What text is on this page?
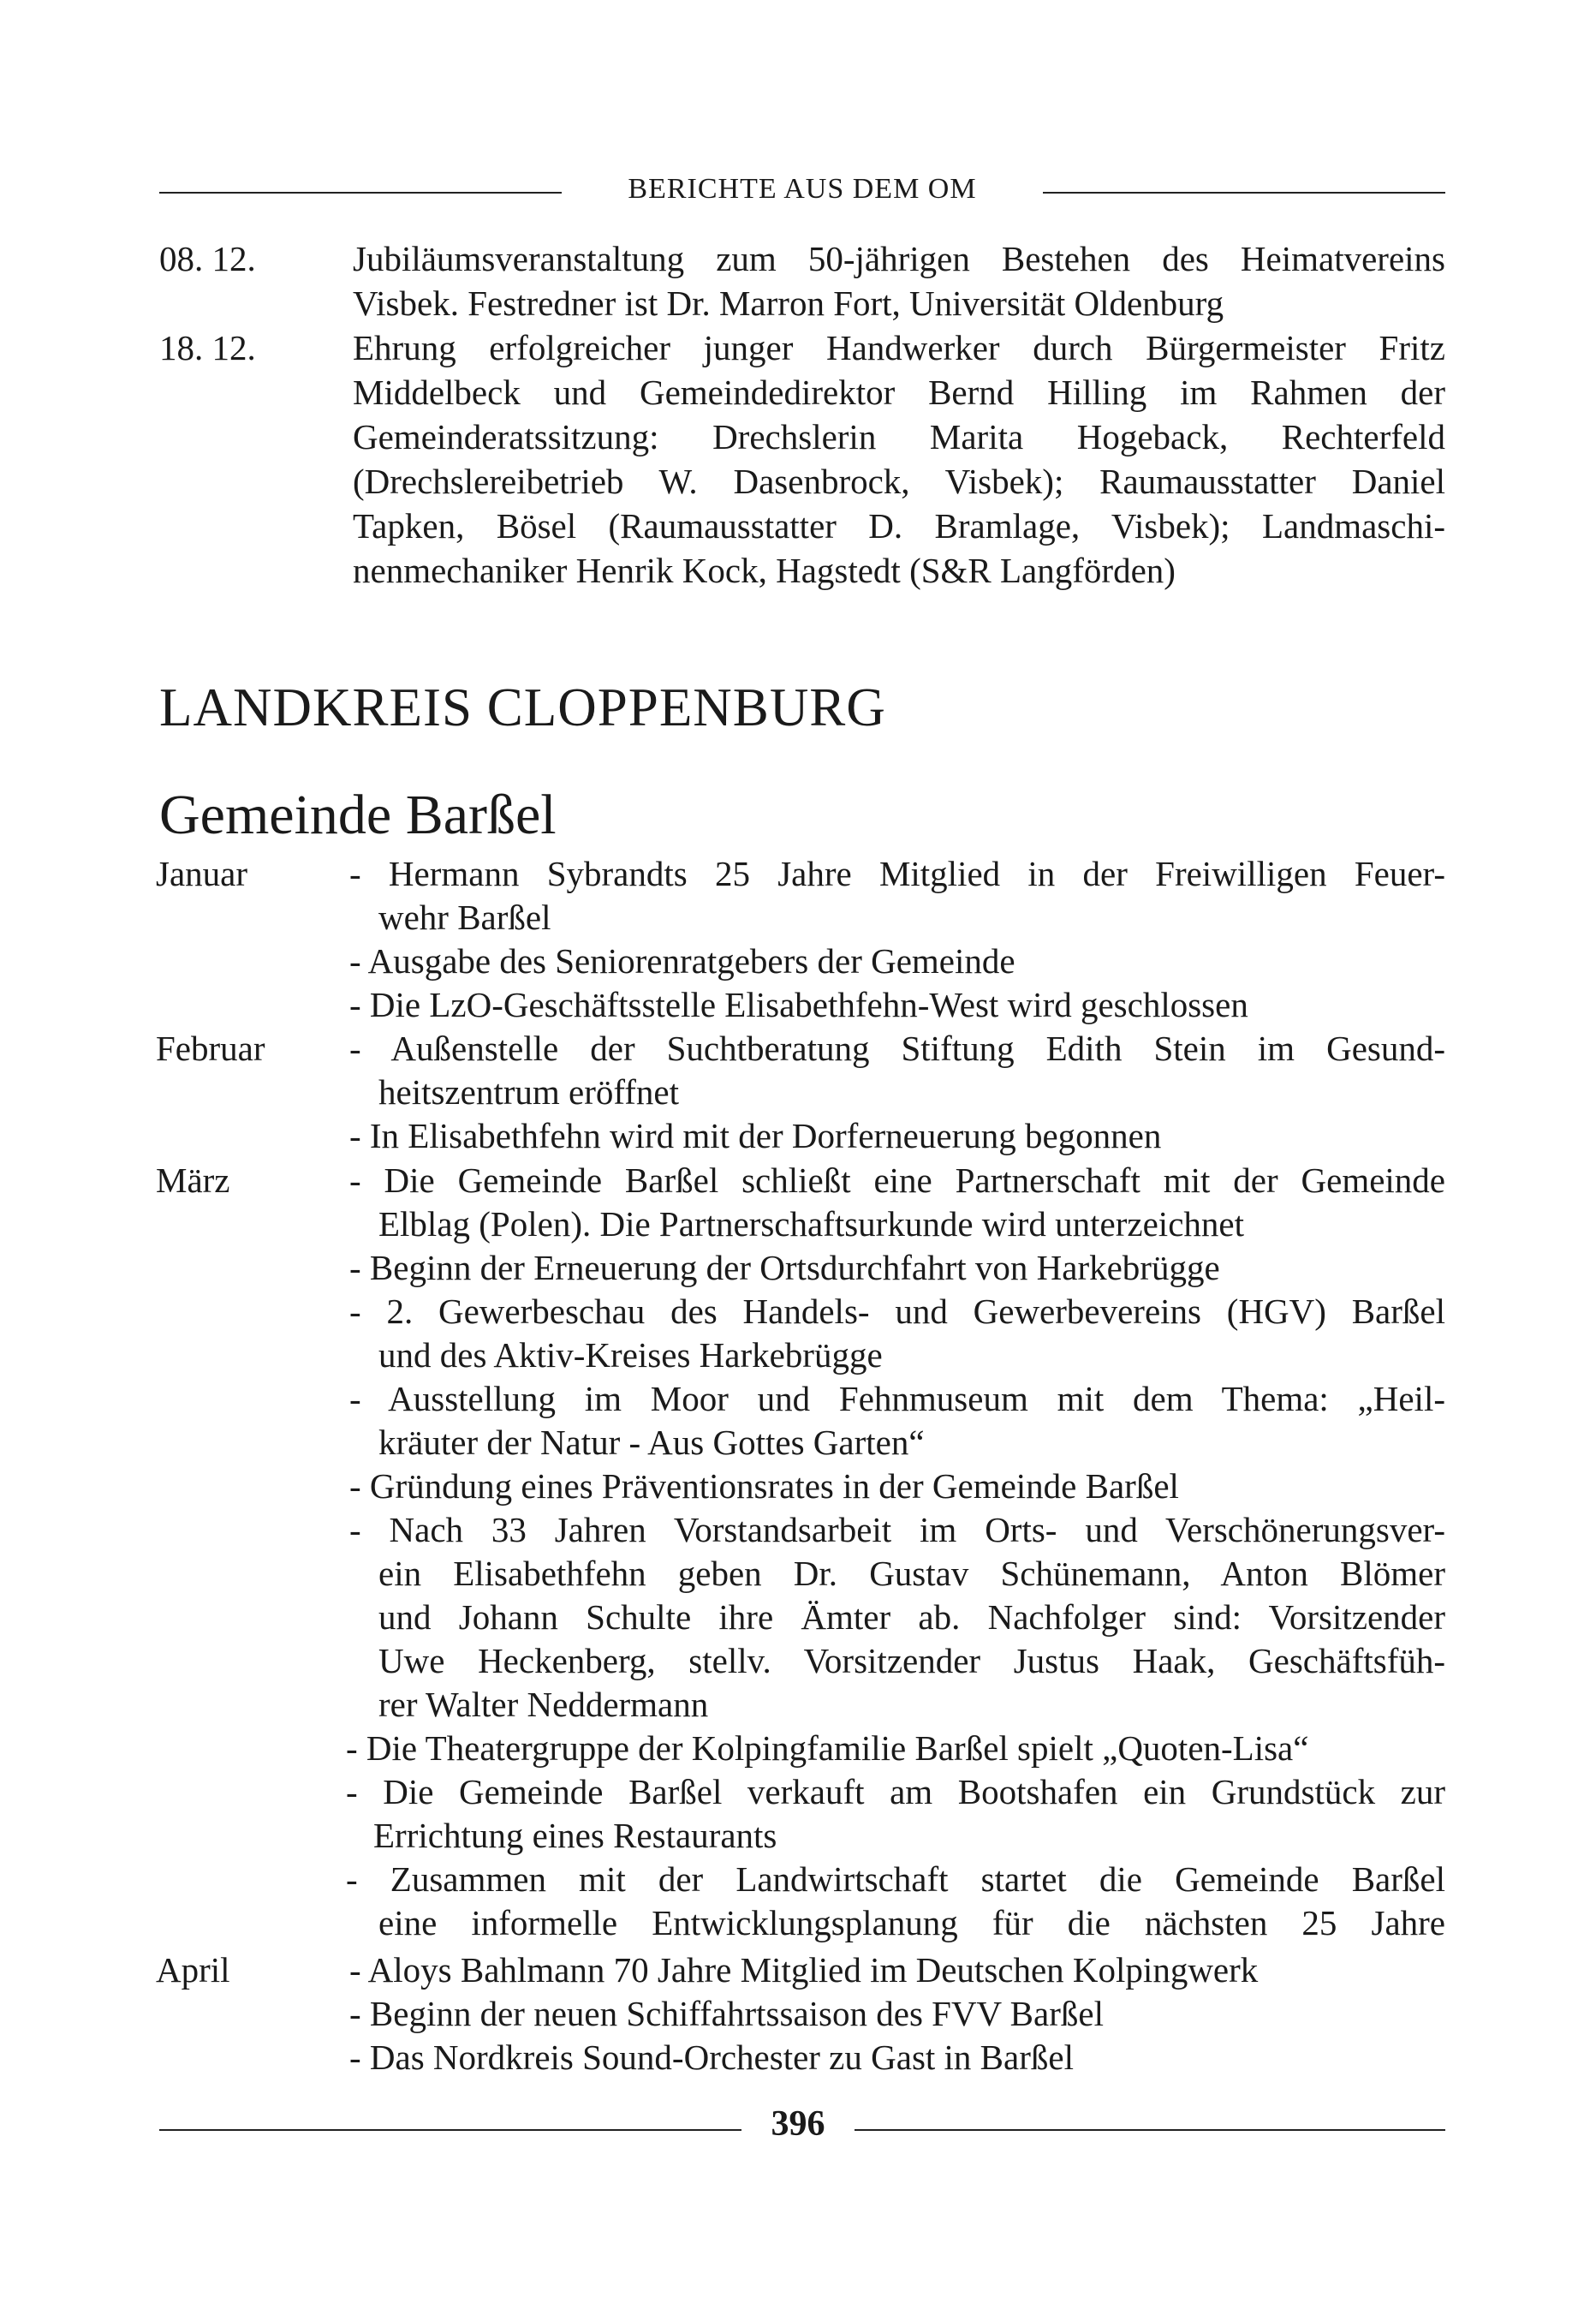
BERICHTE AUS DEM OM
08. 12.	Jubiläumsveranstaltung zum 50-jährigen Bestehen des Heimatvereins
Visbek. Festredner ist Dr. Marron Fort, Universität Oldenburg
18. 12.	Ehrung erfolgreicher junger Handwerker durch Bürgermeister Fritz
Middelbeck und Gemeindedirektor Bernd Hilling im Rahmen der
Gemeinderatssitzung: Drechslerin Marita Hogeback, Rechterfeld
(Drechslereibetrieb W. Dasenbrock, Visbek); Raumausstatter Daniel
Tapken, Bösel (Raumausstatter D. Bramlage, Visbek); Landmaschi-
nenmechaniker Henrik Kock, Hagstedt (S&R Langförden)
LANDKREIS CLOPPENBURG
Gemeinde Barßel
Januar
Februar
März
April
- Hermann Sybrandts 25 Jahre Mitglied in der Freiwilligen Feuer-
wehr Barßel
- Ausgabe des Seniorenratgebers der Gemeinde
- Die LzO-Geschäftsstelle Elisabethfehn-West wird geschlossen
- Außenstelle der Suchtberatung Stiftung Edith Stein im Gesund-
heitszentrum eröffnet
- In Elisabethfehn wird mit der Dorferneuerung begonnen
- Die Gemeinde Barßel schließt eine Partnerschaft mit der Gemeinde
Elblag (Polen). Die Partnerschaftsurkunde wird unterzeichnet
- Beginn der Erneuerung der Ortsdurchfahrt von Harkebrügge
- 2. Gewerbeschau des Handels- und Gewerbevereins (HGV) Barßel
und des Aktiv-Kreises Harkebrügge
- Ausstellung im Moor und Fehnmuseum mit dem Thema: „Heil-
kräuter der Natur - Aus Gottes Garten“
- Gründung eines Präventionsrates in der Gemeinde Barßel
- Nach 33 Jahren Vorstandsarbeit im Orts- und Verschönerungsver-
ein Elisabethfehn geben Dr. Gustav Schünemann, Anton Blömer
und Johann Schulte ihre Ämter ab. Nachfolger sind: Vorsitzender
Uwe Heckenberg, stellv. Vorsitzender Justus Haak, Geschäftsfüh-
rer Walter Neddermann
- Die Theatergruppe der Kolpingfamilie Barßel spielt „Quoten-Lisa“
- Die Gemeinde Barßel verkauft am Bootshafen ein Grundstück zur
Errichtung eines Restaurants
- Zusammen mit der Landwirtschaft startet die Gemeinde Barßel
eine informelle Entwicklungsplanung für die nächsten 25 Jahre
- Aloys Bahlmann 70 Jahre Mitglied im Deutschen Kolpingwerk
- Beginn der neuen Schiffahrtssaison des FVV Barßel
- Das Nordkreis Sound-Orchester zu Gast in Barßel
396
